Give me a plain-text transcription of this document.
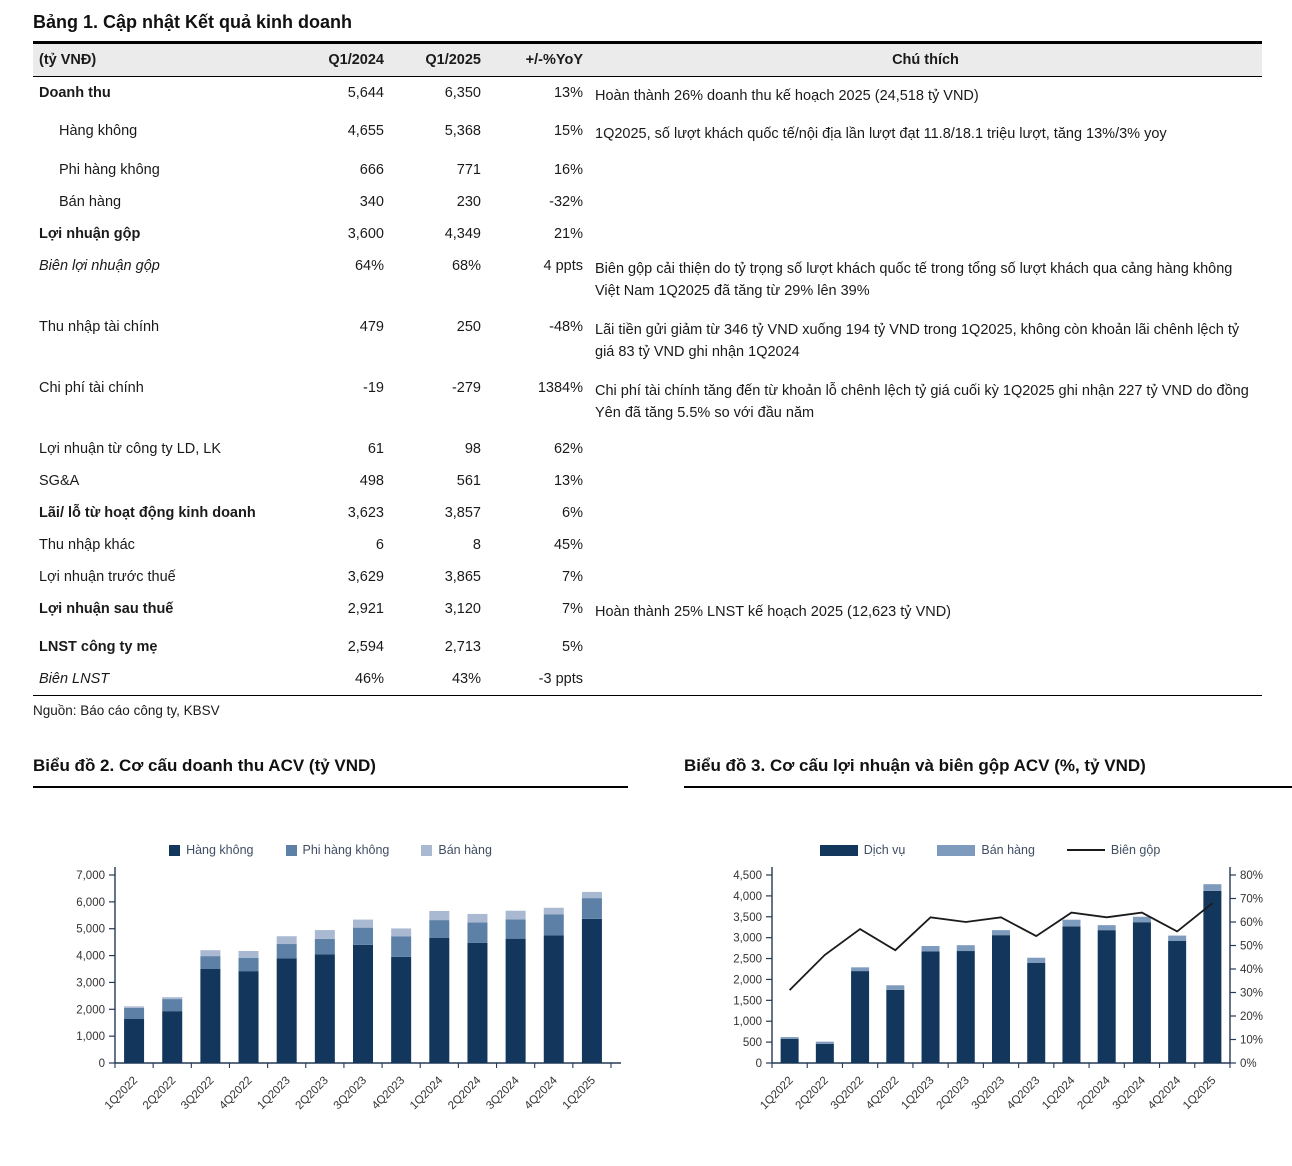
Bảng 1. Cập nhật Kết quả kinh doanh
(tỷ VNĐ)	Q1/2024	Q1/2025	+/-%YoY	Chú thích
Doanh thu	5,644	6,350	13%	Hoàn thành 26% doanh thu kế hoạch 2025 (24,518 tỷ VND)
Hàng không	4,655	5,368	15%	1Q2025, số lượt khách quốc tế/nội địa lần lượt đạt 11.8/18.1 triệu lượt, tăng 13%/3% yoy
Phi hàng không	666	771	16%	
Bán hàng	340	230	-32%	
Lợi nhuận gộp	3,600	4,349	21%	
Biên lợi nhuận gộp	64%	68%	4 ppts	Biên gộp cải thiện do tỷ trọng số lượt khách quốc tế trong tổng số lượt khách qua cảng hàng không Việt Nam 1Q2025 đã tăng từ 29% lên 39%
Thu nhập tài chính	479	250	-48%	Lãi tiền gửi giảm từ 346 tỷ VND xuống 194 tỷ VND trong 1Q2025, không còn khoản lãi chênh lệch tỷ giá 83 tỷ VND ghi nhận 1Q2024
Chi phí tài chính	-19	-279	1384%	Chi phí tài chính tăng đến từ khoản lỗ chênh lệch tỷ giá cuối kỳ 1Q2025 ghi nhận 227 tỷ VND do đồng Yên đã tăng 5.5% so với đầu năm
Lợi nhuận từ công ty LD, LK	61	98	62%	
SG&A	498	561	13%	
Lãi/ lỗ từ hoạt động kinh doanh	3,623	3,857	6%	
Thu nhập khác	6	8	45%	
Lợi nhuận trước thuế	3,629	3,865	7%	
Lợi nhuận sau thuế	2,921	3,120	7%	Hoàn thành 25% LNST kế hoạch 2025 (12,623 tỷ VND)
LNST công ty mẹ	2,594	2,713	5%	
Biên LNST	46%	43%	-3 ppts	
Nguồn: Báo cáo công ty, KBSV
Biểu đồ 2. Cơ cấu doanh thu ACV (tỷ VND)
Hàng không	Phi hàng không	Bán hàng
0
1,000
2,000
3,000
4,000
5,000
6,000
7,000
1Q2022 2Q2022 3Q2022 4Q2022 1Q2023 2Q2023 3Q2023 4Q2023 1Q2024 2Q2024 3Q2024 4Q2024 1Q2025
Biểu đồ 3. Cơ cấu lợi nhuận và biên gộp ACV (%, tỷ VND)
Dịch vụ	Bán hàng	Biên gộp
0
500
1,000
1,500
2,000
2,500
3,000
3,500
4,000
4,500
0%
10%
20%
30%
40%
50%
60%
70%
80%
1Q2022
2Q2022
3Q2022
4Q2022
1Q2023
2Q2023
3Q2023
4Q2023
1Q2024
2Q2024
3Q2024
4Q2024
1Q2025
